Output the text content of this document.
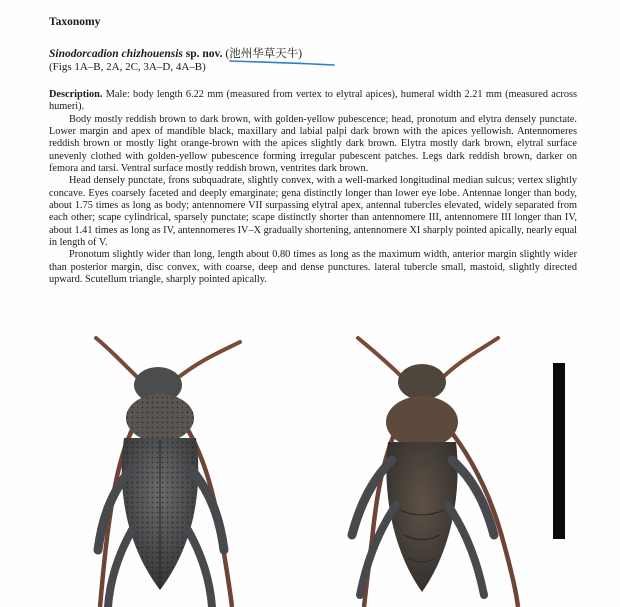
Taxonomy
Sinodorcadion chizhouensis sp. nov. (池州华草天牛)
(Figs 1A–B, 2A, 2C, 3A–D, 4A–B)

Description. Male: body length 6.22 mm (measured from vertex to elytral apices), humeral width 2.21 mm (measured across humeri).

Body mostly reddish brown to dark brown, with golden-yellow pubescence; head, pronotum and elytra densely punctate. Lower margin and apex of mandible black, maxillary and labial palpi dark brown with the apices yellowish. Antennomeres reddish brown or mostly light orange-brown with the apices slightly dark brown. Elytra mostly dark brown, elytral surface unevenly clothed with golden-yellow pubescence forming irregular pubescent patches. Legs dark reddish brown, darker on femora and tarsi. Ventral surface mostly reddish brown, ventrites dark brown.

Head densely punctate, frons subquadrate, slightly convex, with a well-marked longitudinal median sulcus; vertex slightly concave. Eyes coarsely faceted and deeply emarginate; gena distinctly longer than lower eye lobe. Antennae longer than body, about 1.75 times as long as body; antennomere VII surpassing elytral apex, antennal tubercles elevated, widely separated from each other; scape cylindrical, sparsely punctate; scape distinctly shorter than antennomere III, antennomere III longer than IV, about 1.41 times as long as IV, antennomeres IV–X gradually shortening, antennomere XI sharply pointed apically, nearly equal in length of V.

Pronotum slightly wider than long, length about 0.80 times as long as the maximum width, anterior margin slightly wider than posterior margin, disc convex, with coarse, deep and dense punctures. lateral tubercle small, mastoid, slightly directed upward. Scutellum triangle, sharply pointed apically.
